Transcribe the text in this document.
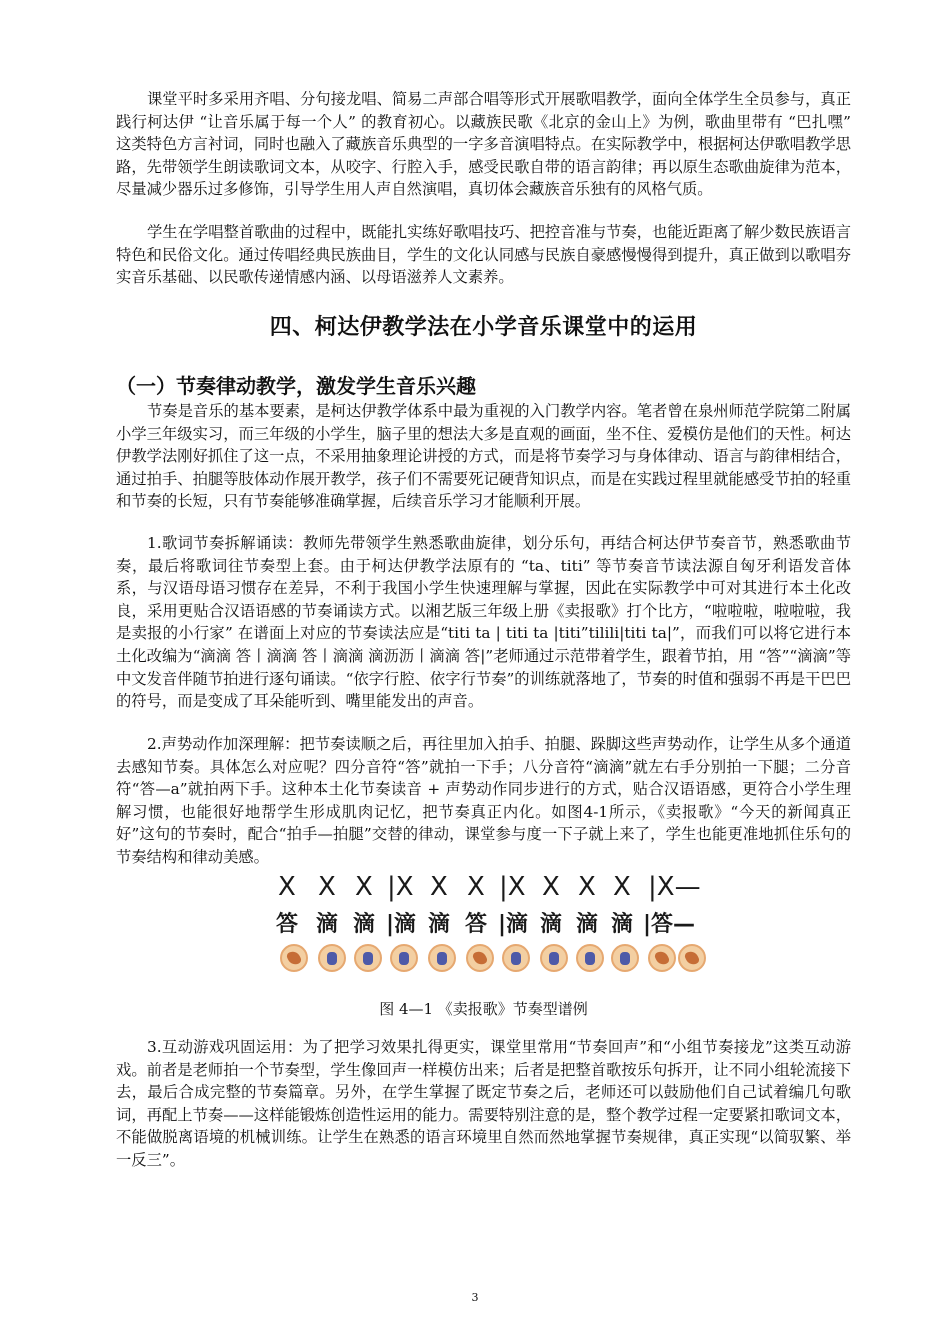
课堂平时多采用齐唱、分句接龙唱、简易二声部合唱等形式开展歌唱教学，面向全体学生全员参与，真正践行柯达伊 “让音乐属于每一个人” 的教育初心。以藏族民歌《北京的金山上》为例，歌曲里带有 “巴扎嘿” 这类特色方言衬词，同时也融入了藏族音乐典型的一字多音演唱特点。在实际教学中，根据柯达伊歌唱教学思路，先带领学生朗读歌词文本，从咬字、行腔入手，感受民歌自带的语言韵律；再以原生态歌曲旋律为范本，尽量减少器乐过多修饰，引导学生用人声自然演唱，真切体会藏族音乐独有的风格气质。

学生在学唱整首歌曲的过程中，既能扎实练好歌唱技巧、把控音准与节奏，也能近距离了解少数民族语言特色和民俗文化。通过传唱经典民族曲目，学生的文化认同感与民族自豪感慢慢得到提升，真正做到以歌唱夯实音乐基础、以民歌传递情感内涵、以母语滋养人文素养。

四、柯达伊教学法在小学音乐课堂中的运用
（一）节奏律动教学，激发学生音乐兴趣

节奏是音乐的基本要素，是柯达伊教学体系中最为重视的入门教学内容。笔者曾在泉州师范学院第二附属小学三年级实习，而三年级的小学生，脑子里的想法大多是直观的画面，坐不住、爱模仿是他们的天性。柯达伊教学法刚好抓住了这一点，不采用抽象理论讲授的方式，而是将节奏学习与身体律动、语言与韵律相结合，通过拍手、拍腿等肢体动作展开教学，孩子们不需要死记硬背知识点，而是在实践过程里就能感受节拍的轻重和节奏的长短，只有节奏能够准确掌握，后续音乐学习才能顺利开展。

1.歌词节奏拆解诵读：教师先带领学生熟悉歌曲旋律，划分乐句，再结合柯达伊节奏音节，熟悉歌曲节奏，最后将歌词往节奏型上套。由于柯达伊教学法原有的 “ta、titi” 等节奏音节读法源自匈牙利语发音体系，与汉语母语习惯存在差异，不利于我国小学生快速理解与掌握，因此在实际教学中可对其进行本土化改良，采用更贴合汉语语感的节奏诵读方式。以湘艺版三年级上册《卖报歌》打个比方，“啦啦啦，啦啦啦，我是卖报的小行家” 在谱面上对应的节奏读法应是“titi ta | titi ta |titi”tilili|titi ta|”，而我们可以将它进行本土化改编为“滴滴 答丨滴滴 答丨滴滴 滴沥沥丨滴滴 答|”老师通过示范带着学生，跟着节拍，用 “答”“滴滴”等中文发音伴随节拍进行逐句诵读。“依字行腔、依字行节奏”的训练就落地了，节奏的时值和强弱不再是干巴巴的符号，而是变成了耳朵能听到、嘴里能发出的声音。

2.声势动作加深理解：把节奏读顺之后，再往里加入拍手、拍腿、跺脚这些声势动作，让学生从多个通道去感知节奏。具体怎么对应呢？四分音符“答”就拍一下手；八分音符“滴滴”就左右手分别拍一下腿；二分音符“答—a”就拍两下手。这种本土化节奏读音 + 声势动作同步进行的方式，贴合汉语语感，更符合小学生理解习惯，也能很好地帮学生形成肌肉记忆，把节奏真正内化。如图4-1所示，《卖报歌》“今天的新闻真正好”这句的节奏时，配合“拍手—拍腿”交替的律动，课堂参与度一下子就上来了，学生也能更准地抓住乐句的节奏结构和律动美感。

X X X |X X X |X X X X |X—
答 滴 滴 |滴 滴 答 |滴 滴 滴 滴 |答—

图 4—1 《卖报歌》节奏型谱例

3.互动游戏巩固运用：为了把学习效果扎得更实，课堂里常用“节奏回声”和“小组节奏接龙”这类互动游戏。前者是老师拍一个节奏型，学生像回声一样模仿出来；后者是把整首歌按乐句拆开，让不同小组轮流接下去，最后合成完整的节奏篇章。另外，在学生掌握了既定节奏之后，老师还可以鼓励他们自己试着编几句歌词，再配上节奏——这样能锻炼创造性运用的能力。需要特别注意的是，整个教学过程一定要紧扣歌词文本，不能做脱离语境的机械训练。让学生在熟悉的语言环境里自然而然地掌握节奏规律，真正实现“以简驭繁、举一反三”。

3
